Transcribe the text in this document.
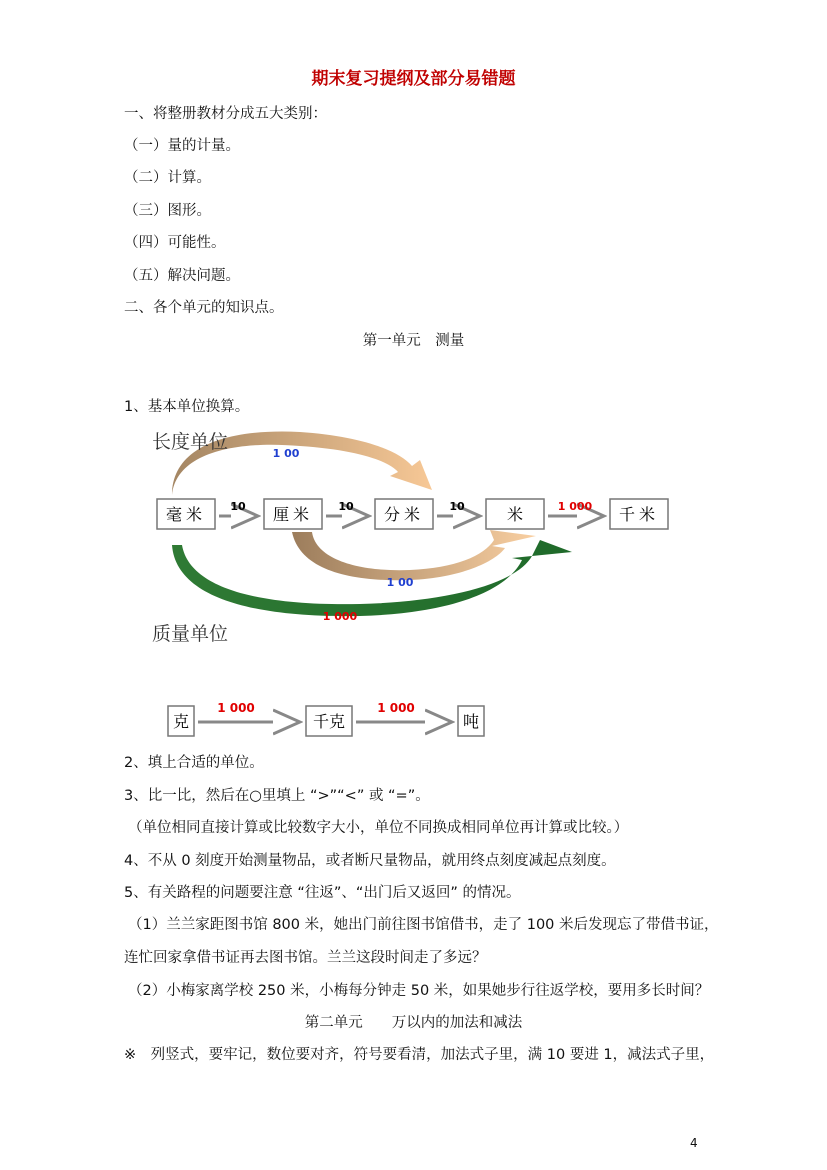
期末复习提纲及部分易错题
一、将整册教材分成五大类别：
（一）量的计量。
（二）计算。
（三）图形。
（四）可能性。
（五）解决问题。
二、各个单元的知识点。
第一单元　测量
1、基本单位换算。
1 00
1 000
1 00
毫米	厘米	分米	米	千米
10	10	10	1 000
长度单位
质量单位
克	千克	吨
1 000	1 000
2、填上合适的单位。
3、比一比，然后在○里填上 “>”“<” 或 “=”。
（单位相同直接计算或比较数字大小，单位不同换成相同单位再计算或比较。）
4、不从 0 刻度开始测量物品，或者断尺量物品，就用终点刻度减起点刻度。
5、有关路程的问题要注意 “往返”、“出门后又返回” 的情况。
（1）兰兰家距图书馆 800 米，她出门前往图书馆借书，走了 100 米后发现忘了带借书证，
连忙回家拿借书证再去图书馆。兰兰这段时间走了多远？
（2）小梅家离学校 250 米，小梅每分钟走 50 米，如果她步行往返学校，要用多长时间？
第二单元　　万以内的加法和减法
※　列竖式，要牢记，数位要对齐，符号要看清，加法式子里，满 10 要进 1，减法式子里，
4
